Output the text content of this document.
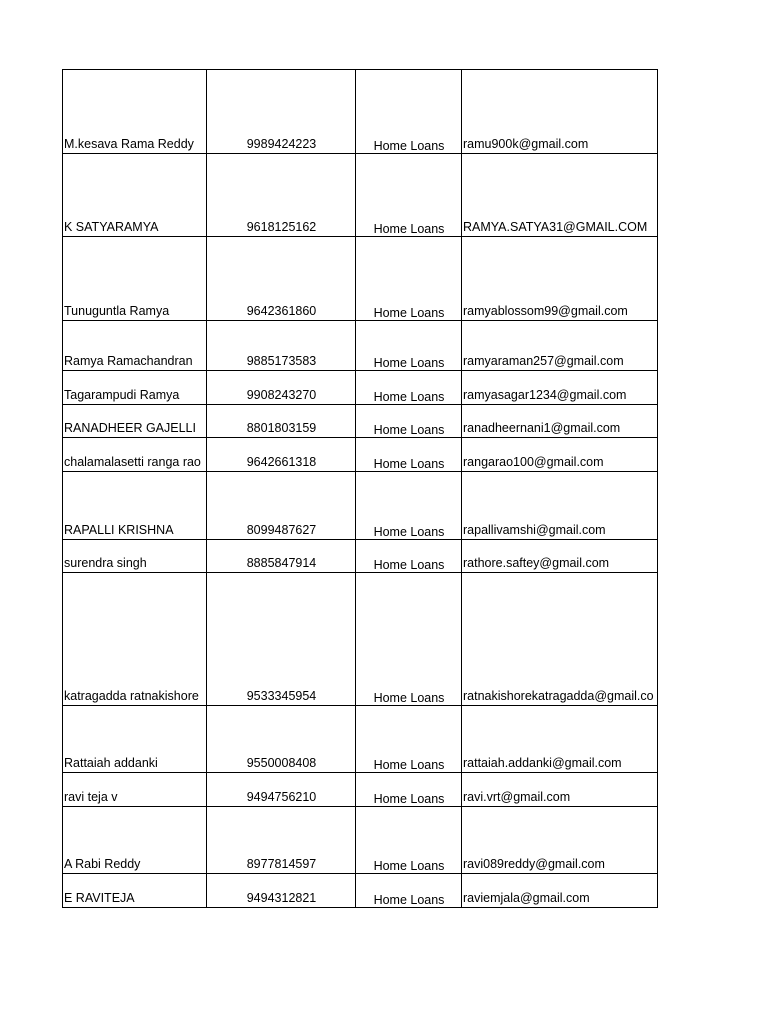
M.kesava Rama Reddy	9989424223	Home Loans	ramu900k@gmail.com

K SATYARAMYA	9618125162	Home Loans	RAMYA.SATYA31@GMAIL.COM

Tunuguntla Ramya	9642361860	Home Loans	ramyablossom99@gmail.com

Ramya Ramachandran	9885173583	Home Loans	ramyaraman257@gmail.com

Tagarampudi Ramya	9908243270	Home Loans	ramyasagar1234@gmail.com

RANADHEER GAJELLI	8801803159	Home Loans	ranadheernani1@gmail.com

chalamalasetti ranga rao	9642661318	Home Loans	rangarao100@gmail.com

RAPALLI KRISHNA	8099487627	Home Loans	rapallivamshi@gmail.com

surendra singh	8885847914	Home Loans	rathore.saftey@gmail.com

katragadda ratnakishore	9533345954	Home Loans	ratnakishorekatragadda@gmail.co

Rattaiah addanki	9550008408	Home Loans	rattaiah.addanki@gmail.com

ravi teja v	9494756210	Home Loans	ravi.vrt@gmail.com

A Rabi Reddy	8977814597	Home Loans	ravi089reddy@gmail.com

E RAVITEJA	9494312821	Home Loans	raviemjala@gmail.com
